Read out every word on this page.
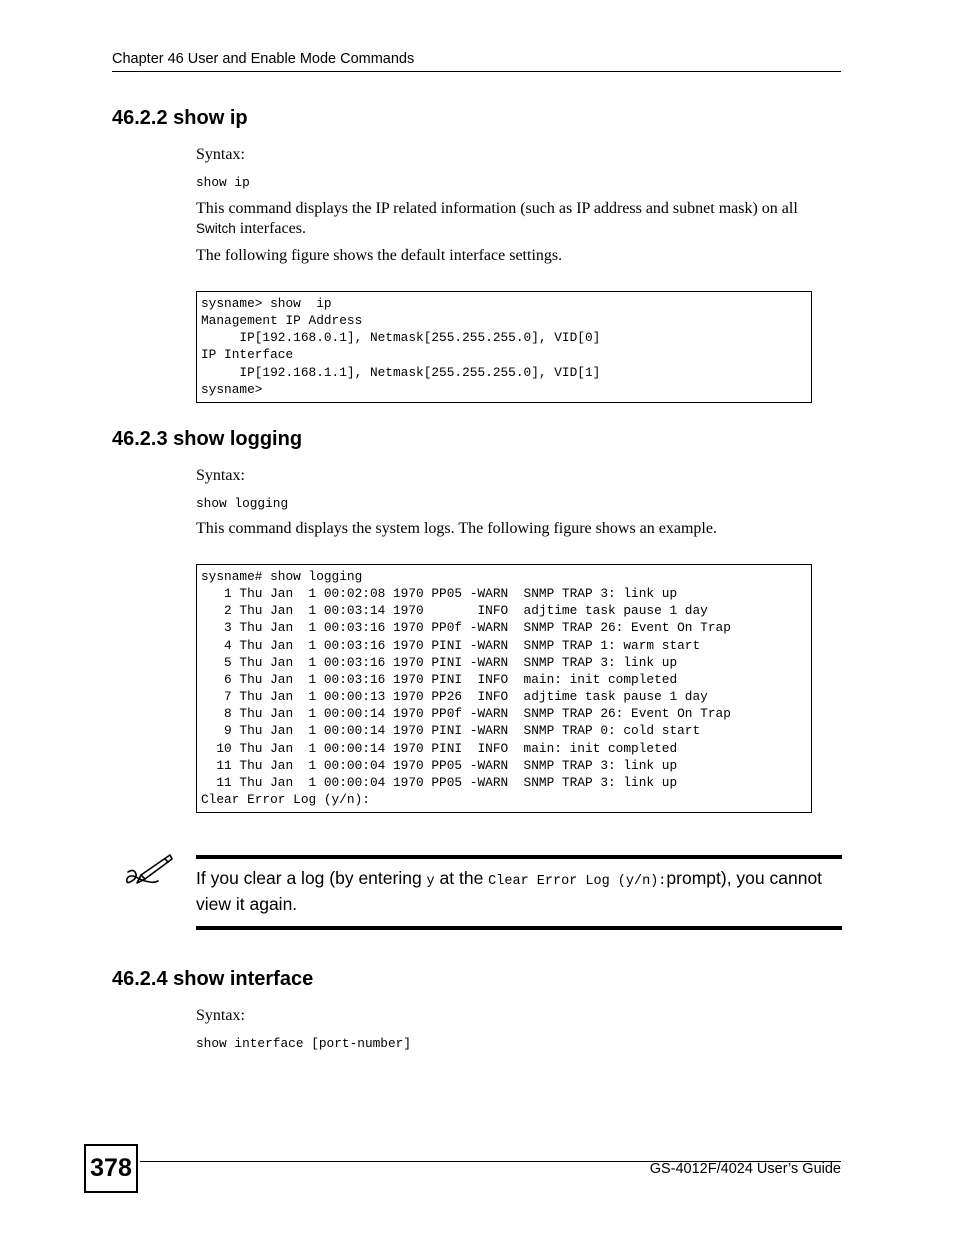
Chapter 46 User and Enable Mode Commands
46.2.2 show ip
Syntax:
show ip
This command displays the IP related information (such as IP address and subnet mask) on all
Switch interfaces.
The following figure shows the default interface settings.
sysname> show  ip
Management IP Address
IP[192.168.0.1], Netmask[255.255.255.0], VID[0]
IP Interface
IP[192.168.1.1], Netmask[255.255.255.0], VID[1]
sysname>
46.2.3 show logging
Syntax:
show logging
This command displays the system logs. The following figure shows an example.
sysname# show logging
1 Thu Jan  1 00:02:08 1970 PP05 -WARN  SNMP TRAP 3: link up
2 Thu Jan  1 00:03:14 1970       INFO  adjtime task pause 1 day
3 Thu Jan  1 00:03:16 1970 PP0f -WARN  SNMP TRAP 26: Event On Trap
4 Thu Jan  1 00:03:16 1970 PINI -WARN  SNMP TRAP 1: warm start
5 Thu Jan  1 00:03:16 1970 PINI -WARN  SNMP TRAP 3: link up
6 Thu Jan  1 00:03:16 1970 PINI  INFO  main: init completed
7 Thu Jan  1 00:00:13 1970 PP26  INFO  adjtime task pause 1 day
8 Thu Jan  1 00:00:14 1970 PP0f -WARN  SNMP TRAP 26: Event On Trap
9 Thu Jan  1 00:00:14 1970 PINI -WARN  SNMP TRAP 0: cold start
10 Thu Jan  1 00:00:14 1970 PINI  INFO  main: init completed
11 Thu Jan  1 00:00:04 1970 PP05 -WARN  SNMP TRAP 3: link up
11 Thu Jan  1 00:00:04 1970 PP05 -WARN  SNMP TRAP 3: link up
Clear Error Log (y/n):
If you clear a log (by entering y at the Clear Error Log (y/n):prompt), you cannot view it again.
46.2.4 show interface
Syntax:
show interface [port-number]
378	GS-4012F/4024 User’s Guide
